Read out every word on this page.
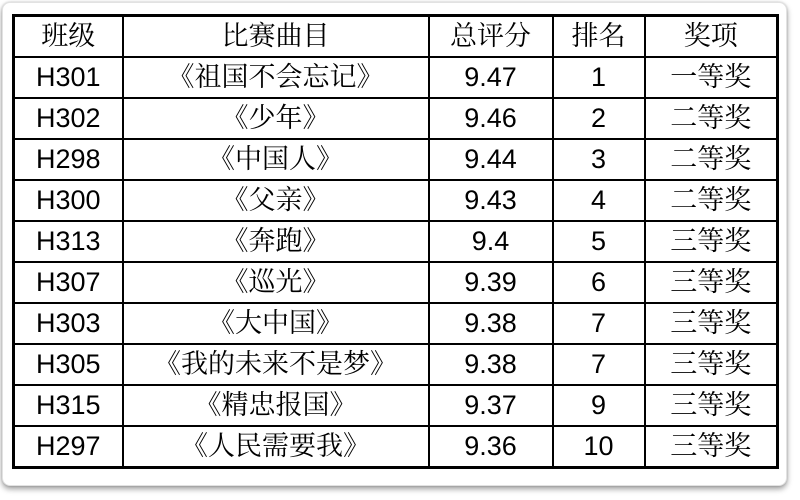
班级	比赛曲目	总评分	排名	奖项
H301	《祖国不会忘记》	9.47	1	一等奖
H302	《少年》	9.46	2	二等奖
H298	《中国人》	9.44	3	二等奖
H300	《父亲》	9.43	4	二等奖
H313	《奔跑》	9.4	5	三等奖
H307	《巡光》	9.39	6	三等奖
H303	《大中国》	9.38	7	三等奖
H305	《我的未来不是梦》	9.38	7	三等奖
H315	《精忠报国》	9.37	9	三等奖
H297	《人民需要我》	9.36	10	三等奖
